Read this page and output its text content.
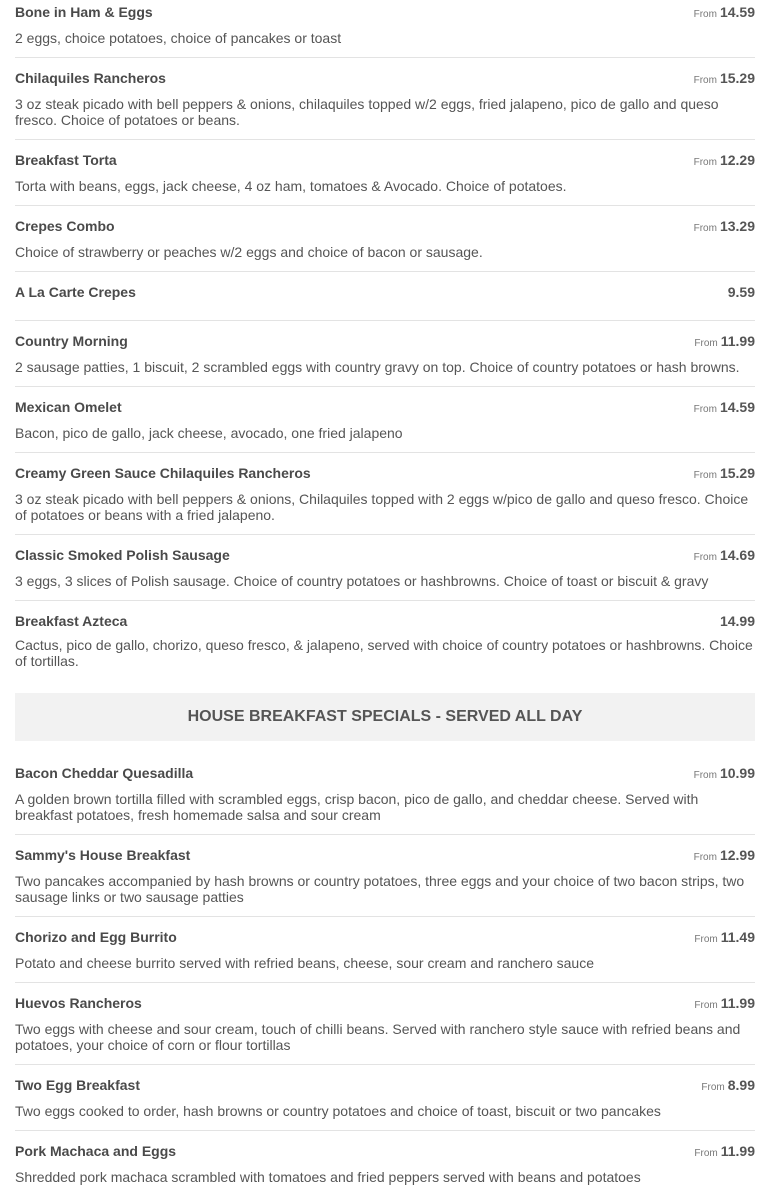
Bone in Ham & Eggs	From 14.59
2 eggs, choice potatoes, choice of pancakes or toast
Chilaquiles Rancheros	From 15.29
3 oz steak picado with bell peppers & onions, chilaquiles topped w/2 eggs, fried jalapeno, pico de gallo and queso fresco. Choice of potatoes or beans.
Breakfast Torta	From 12.29
Torta with beans, eggs, jack cheese, 4 oz ham, tomatoes & Avocado. Choice of potatoes.
Crepes Combo	From 13.29
Choice of strawberry or peaches w/2 eggs and choice of bacon or sausage.
A La Carte Crepes	9.59
Country Morning	From 11.99
2 sausage patties, 1 biscuit, 2 scrambled eggs with country gravy on top. Choice of country potatoes or hash browns.
Mexican Omelet	From 14.59
Bacon, pico de gallo, jack cheese, avocado, one fried jalapeno
Creamy Green Sauce Chilaquiles Rancheros	From 15.29
3 oz steak picado with bell peppers & onions, Chilaquiles topped with 2 eggs w/pico de gallo and queso fresco. Choice of potatoes or beans with a fried jalapeno.
Classic Smoked Polish Sausage	From 14.69
3 eggs, 3 slices of Polish sausage. Choice of country potatoes or hashbrowns. Choice of toast or biscuit & gravy
Breakfast Azteca	14.99
Cactus, pico de gallo, chorizo, queso fresco, & jalapeno, served with choice of country potatoes or hashbrowns. Choice of tortillas.
HOUSE BREAKFAST SPECIALS - SERVED ALL DAY
Bacon Cheddar Quesadilla	From 10.99
A golden brown tortilla filled with scrambled eggs, crisp bacon, pico de gallo, and cheddar cheese. Served with breakfast potatoes, fresh homemade salsa and sour cream
Sammy's House Breakfast	From 12.99
Two pancakes accompanied by hash browns or country potatoes, three eggs and your choice of two bacon strips, two sausage links or two sausage patties
Chorizo and Egg Burrito	From 11.49
Potato and cheese burrito served with refried beans, cheese, sour cream and ranchero sauce
Huevos Rancheros	From 11.99
Two eggs with cheese and sour cream, touch of chilli beans. Served with ranchero style sauce with refried beans and potatoes, your choice of corn or flour tortillas
Two Egg Breakfast	From 8.99
Two eggs cooked to order, hash browns or country potatoes and choice of toast, biscuit or two pancakes
Pork Machaca and Eggs	From 11.99
Shredded pork machaca scrambled with tomatoes and fried peppers served with beans and potatoes
